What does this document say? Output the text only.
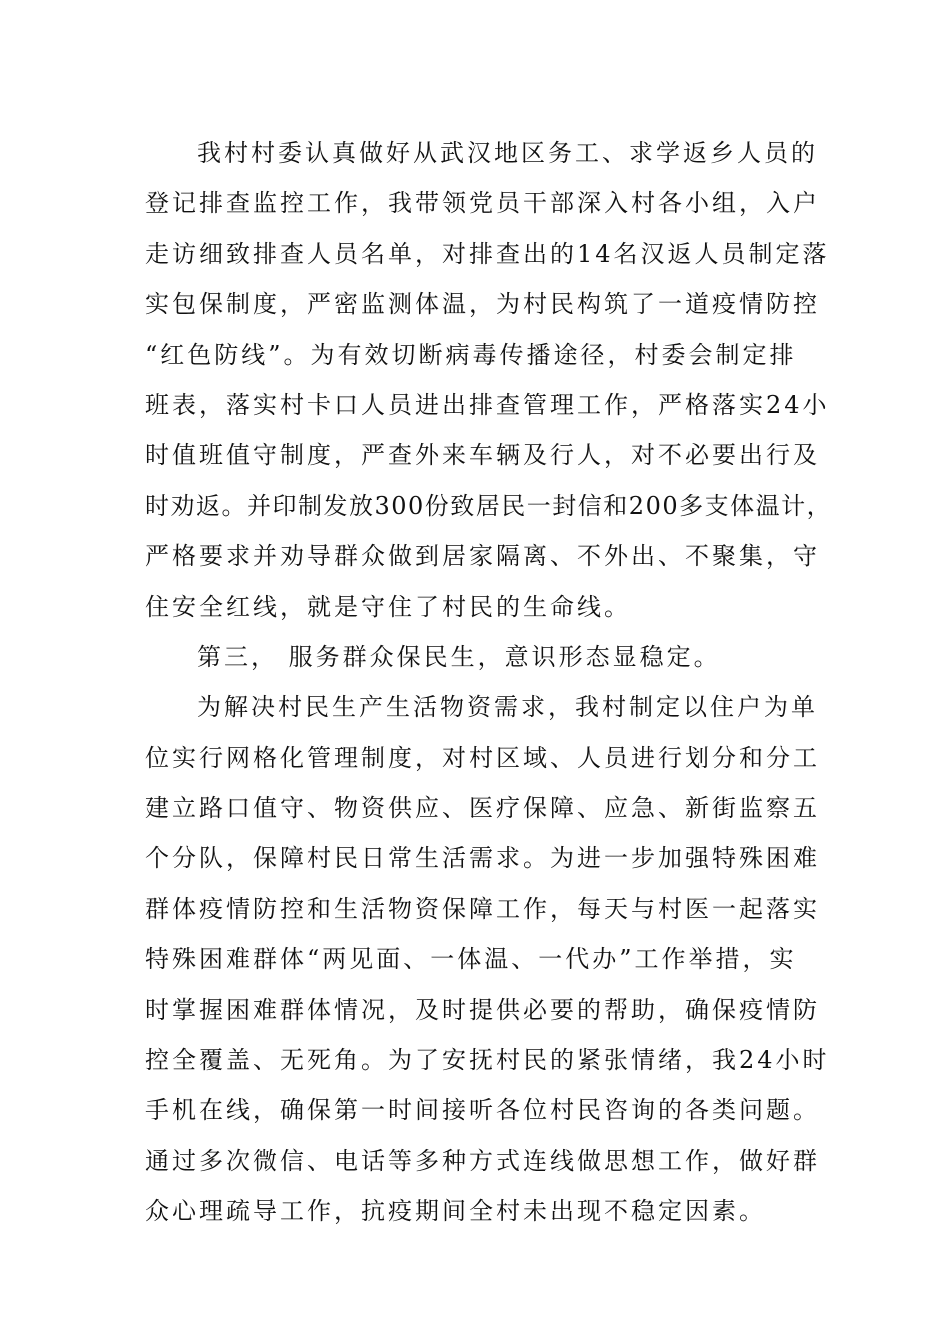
我村村委认真做好从武汉地区务工、求学返乡人员的
登记排查监控工作，我带领党员干部深入村各小组，入户
走访细致排查人员名单，对排查出的14名汉返人员制定落
实包保制度，严密监测体温，为村民构筑了一道疫情防控
“红色防线”。为有效切断病毒传播途径，村委会制定排
班表，落实村卡口人员进出排查管理工作，严格落实24小
时值班值守制度，严查外来车辆及行人，对不必要出行及
时劝返。并印制发放300份致居民一封信和200多支体温计，
严格要求并劝导群众做到居家隔离、不外出、不聚集，守
住安全红线，就是守住了村民的生命线。
第三， 服务群众保民生，意识形态显稳定。
为解决村民生产生活物资需求，我村制定以住户为单
位实行网格化管理制度，对村区域、人员进行划分和分工
建立路口值守、物资供应、医疗保障、应急、新街监察五
个分队，保障村民日常生活需求。为进一步加强特殊困难
群体疫情防控和生活物资保障工作，每天与村医一起落实
特殊困难群体“两见面、一体温、一代办”工作举措，实
时掌握困难群体情况，及时提供必要的帮助，确保疫情防
控全覆盖、无死角。为了安抚村民的紧张情绪，我24小时
手机在线，确保第一时间接听各位村民咨询的各类问题。
通过多次微信、电话等多种方式连线做思想工作，做好群
众心理疏导工作，抗疫期间全村未出现不稳定因素。
